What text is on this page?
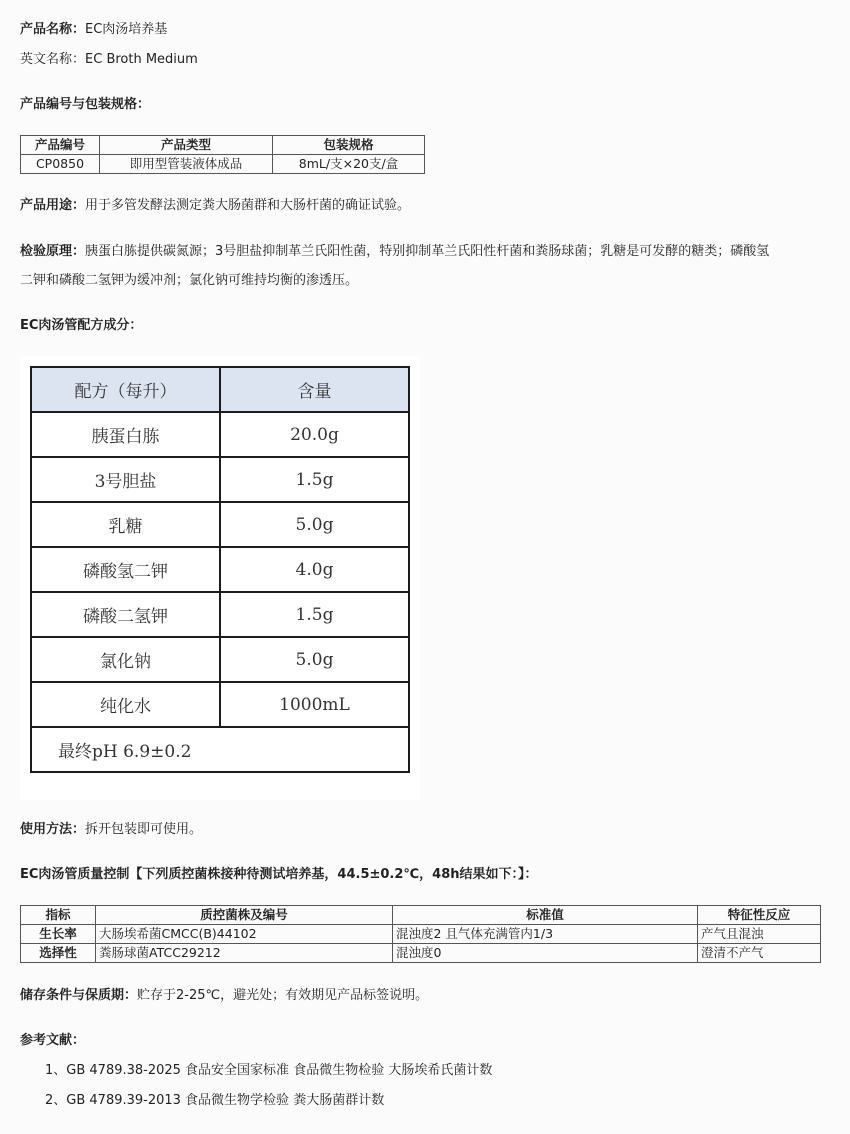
产品名称：EC肉汤培养基
英文名称：EC Broth Medium
产品编号与包装规格：
产品编号	产品类型	包装规格
CP0850	即用型管装液体成品	8mL/支×20支/盒
产品用途：用于多管发酵法测定粪大肠菌群和大肠杆菌的确证试验。
检验原理：胰蛋白胨提供碳氮源；3号胆盐抑制革兰氏阳性菌，特别抑制革兰氏阳性杆菌和粪肠球菌；乳糖是可发酵的糖类；磷酸氢
二钾和磷酸二氢钾为缓冲剂；氯化钠可维持均衡的渗透压。
EC肉汤管配方成分：
配方（每升）	含量
胰蛋白胨	20.0g
3号胆盐	1.5g
乳糖	5.0g
磷酸氢二钾	4.0g
磷酸二氢钾	1.5g
氯化钠	5.0g
纯化水	1000mL
最终pH 6.9±0.2	
使用方法：拆开包装即可使用。
EC肉汤管质量控制【下列质控菌株接种待测试培养基，44.5±0.2℃，48h结果如下：】：
指标	质控菌株及编号	标准值	特征性反应
生长率	大肠埃希菌CMCC(B)44102	混浊度2 且气体充满管内1/3	产气且混浊
选择性	粪肠球菌ATCC29212	混浊度0	澄清不产气
储存条件与保质期：贮存于2-25℃，避光处；有效期见产品标签说明。
参考文献：
1、GB 4789.38-2025 食品安全国家标准 食品微生物检验 大肠埃希氏菌计数
2、GB 4789.39-2013 食品微生物学检验 粪大肠菌群计数
